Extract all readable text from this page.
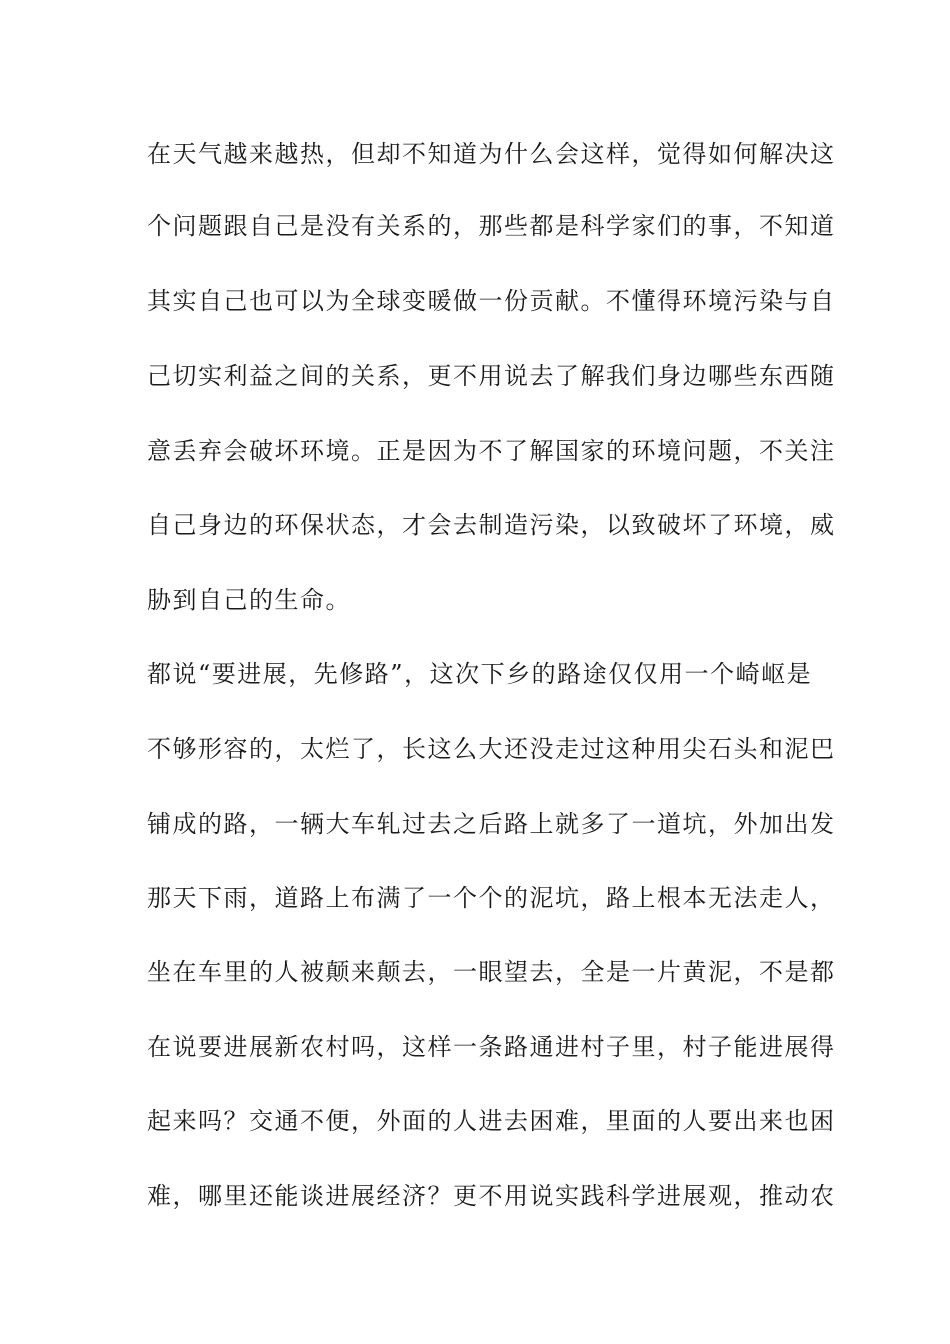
在 天 气 越 来 越 热 ， 但 却 不 知 道 为 什 么 会 这 样 ， 觉 得 如 何 解 决 这
个 问 题 跟 自 己 是 没 有 关 系 的 ， 那 些 都 是 科 学 家 们 的 事 ， 不 知 道
其 实 自 己 也 可 以 为 全 球 变 暖 做 一 份 贡 献 。 不 懂 得 环 境 污 染 与 自
己 切 实 利 益 之 间 的 关 系 ， 更 不 用 说 去 了 解 我 们 身 边 哪 些 东 西 随
意 丢 弃 会 破 坏 环 境 。 正 是 因 为 不 了 解 国 家 的 环 境 问 题 ， 不 关 注
自 己 身 边 的 环 保 状 态 ， 才 会 去 制 造 污 染 ， 以 致 破 坏 了 环 境 ， 威
胁到自己的生命。
都 说 “ 要 进 展 ， 先 修 路 ” ， 这 次 下 乡 的 路 途 仅 仅 用 一 个 崎 岖 是
不 够 形 容 的 ， 太 烂 了 ， 长 这 么 大 还 没 走 过 这 种 用 尖 石 头 和 泥 巴
铺 成 的 路 ， 一 辆 大 车 轧 过 去 之 后 路 上 就 多 了 一 道 坑 ， 外 加 出 发
那 天 下 雨 ， 道 路 上 布 满 了 一 个 个 的 泥 坑 ， 路 上 根 本 无 法 走 人 ，
坐 在 车 里 的 人 被 颠 来 颠 去 ， 一 眼 望 去 ， 全 是 一 片 黄 泥 ， 不 是 都
在 说 要 进 展 新 农 村 吗 ， 这 样 一 条 路 通 进 村 子 里 ， 村 子 能 进 展 得
起 来 吗 ？ 交 通 不 便 ， 外 面 的 人 进 去 困 难 ， 里 面 的 人 要 出 来 也 困
难 ， 哪 里 还 能 谈 进 展 经 济 ？ 更 不 用 说 实 践 科 学 进 展 观 ， 推 动 农
